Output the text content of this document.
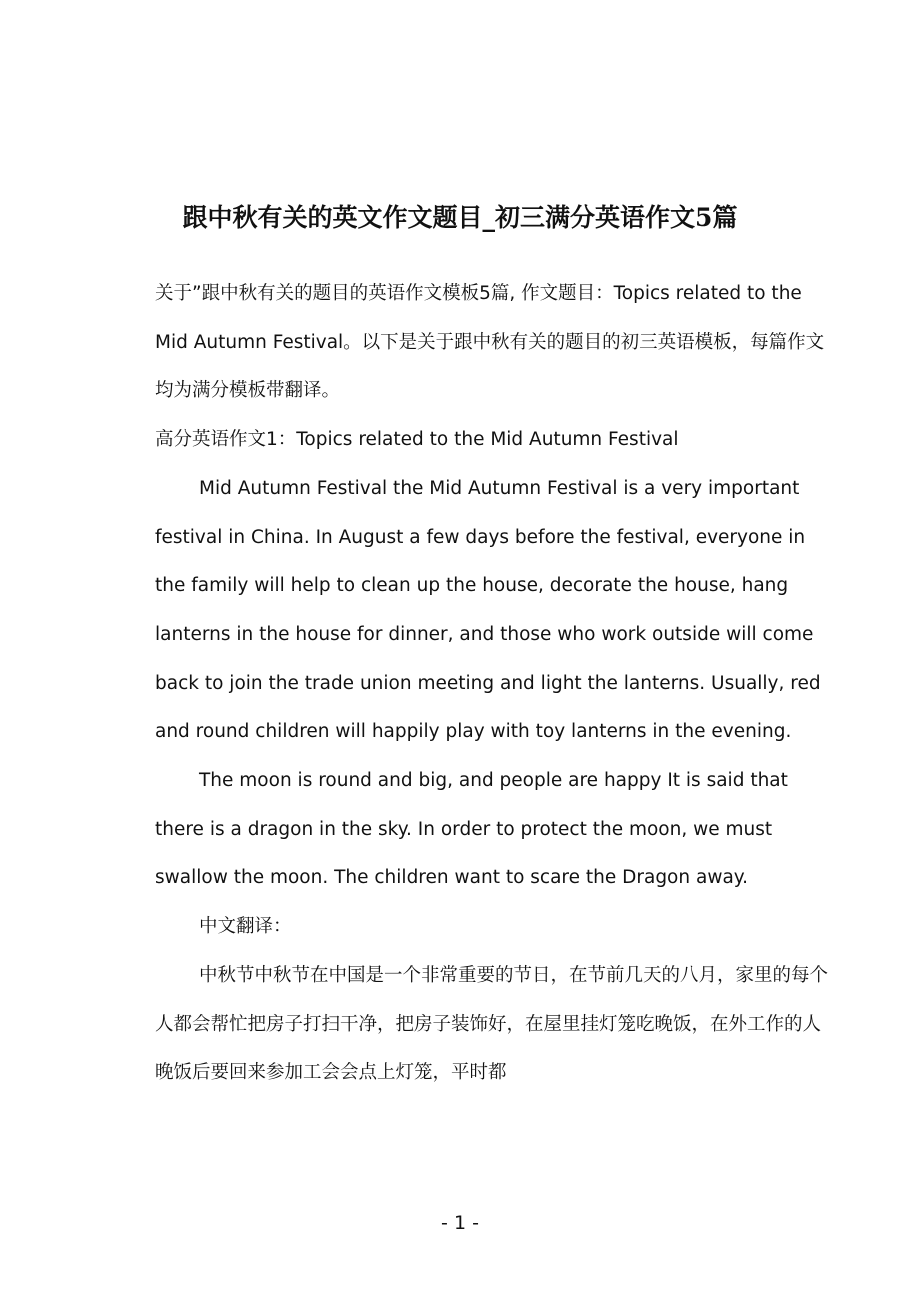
跟中秋有关的英文作文题目_初三满分英语作文5篇

关于”跟中秋有关的题目的英语作文模板5篇, 作文题目：Topics related to the Mid Autumn Festival。以下是关于跟中秋有关的题目的初三英语模板，每篇作文均为满分模板带翻译。

高分英语作文1：Topics related to the Mid Autumn Festival

Mid Autumn Festival the Mid Autumn Festival is a very important festival in China. In August a few days before the festival, everyone in the family will help to clean up the house, decorate the house, hang lanterns in the house for dinner, and those who work outside will come back to join the trade union meeting and light the lanterns. Usually, red and round children will happily play with toy lanterns in the evening.

The moon is round and big, and people are happy It is said that there is a dragon in the sky. In order to protect the moon, we must swallow the moon. The children want to scare the Dragon away.

中文翻译：

中秋节中秋节在中国是一个非常重要的节日，在节前几天的八月，家里的每个人都会帮忙把房子打扫干净，把房子装饰好，在屋里挂灯笼吃晚饭，在外工作的人晚饭后要回来参加工会会点上灯笼，平时都

- 1 -
